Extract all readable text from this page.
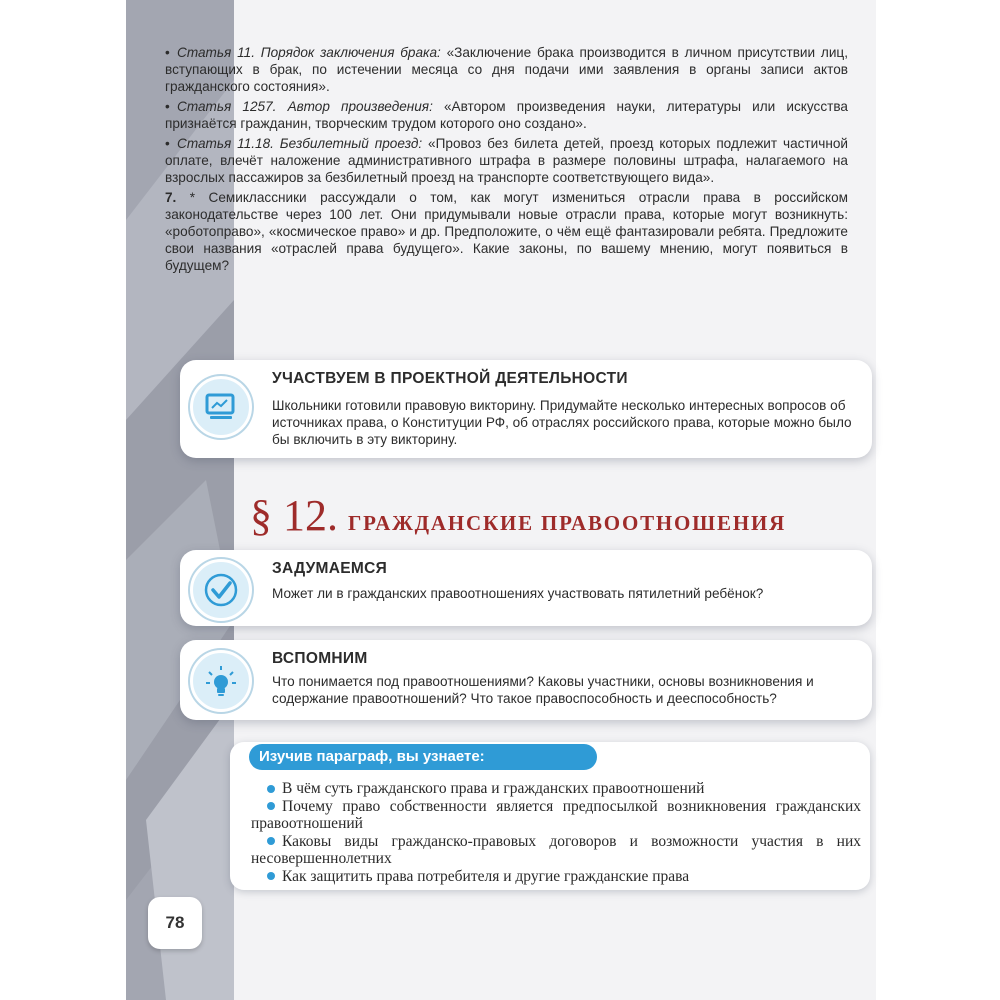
• Статья 11. Порядок заключения брака: «Заключение брака производится в личном присутствии лиц, вступающих в брак, по истечении месяца со дня подачи ими заявления в органы записи актов гражданского состояния».

• Статья 1257. Автор произведения: «Автором произведения науки, литературы или искусства признаётся гражданин, творческим трудом которого оно создано».

• Статья 11.18. Безбилетный проезд: «Провоз без билета детей, проезд которых подлежит частичной оплате, влечёт наложение административного штрафа в размере половины штрафа, налагаемого на взрослых пассажиров за безбилетный проезд на транспорте соответствующего вида».

7. * Семиклассники рассуждали о том, как могут измениться отрасли права в российском законодательстве через 100 лет. Они придумывали новые отрасли права, которые могут возникнуть: «роботоправо», «космическое право» и др. Предположите, о чём ещё фантазировали ребята. Предложите свои названия «отраслей права будущего». Какие законы, по вашему мнению, могут появиться в будущем?

УЧАСТВУЕМ В ПРОЕКТНОЙ ДЕЯТЕЛЬНОСТИ
Школьники готовили правовую викторину. Придумайте несколько интересных вопросов об источниках права, о Конституции РФ, об отраслях российского права, которые можно было бы включить в эту викторину.
§ 12. ГРАЖДАНСКИЕ ПРАВООТНОШЕНИЯ
ЗАДУМАЕМСЯ
Может ли в гражданских правоотношениях участвовать пятилетний ребёнок?
ВСПОМНИМ
Что понимается под правоотношениями? Каковы участники, основы возникновения и содержание правоотношений? Что такое правоспособность и дееспособность?
Изучив параграф, вы узнаете:
В чём суть гражданского права и гражданских правоотношений
Почему право собственности является предпосылкой возникновения гражданских правоотношений
Каковы виды гражданско-правовых договоров и возможности участия в них несовершеннолетних
Как защитить права потребителя и другие гражданские права
78
